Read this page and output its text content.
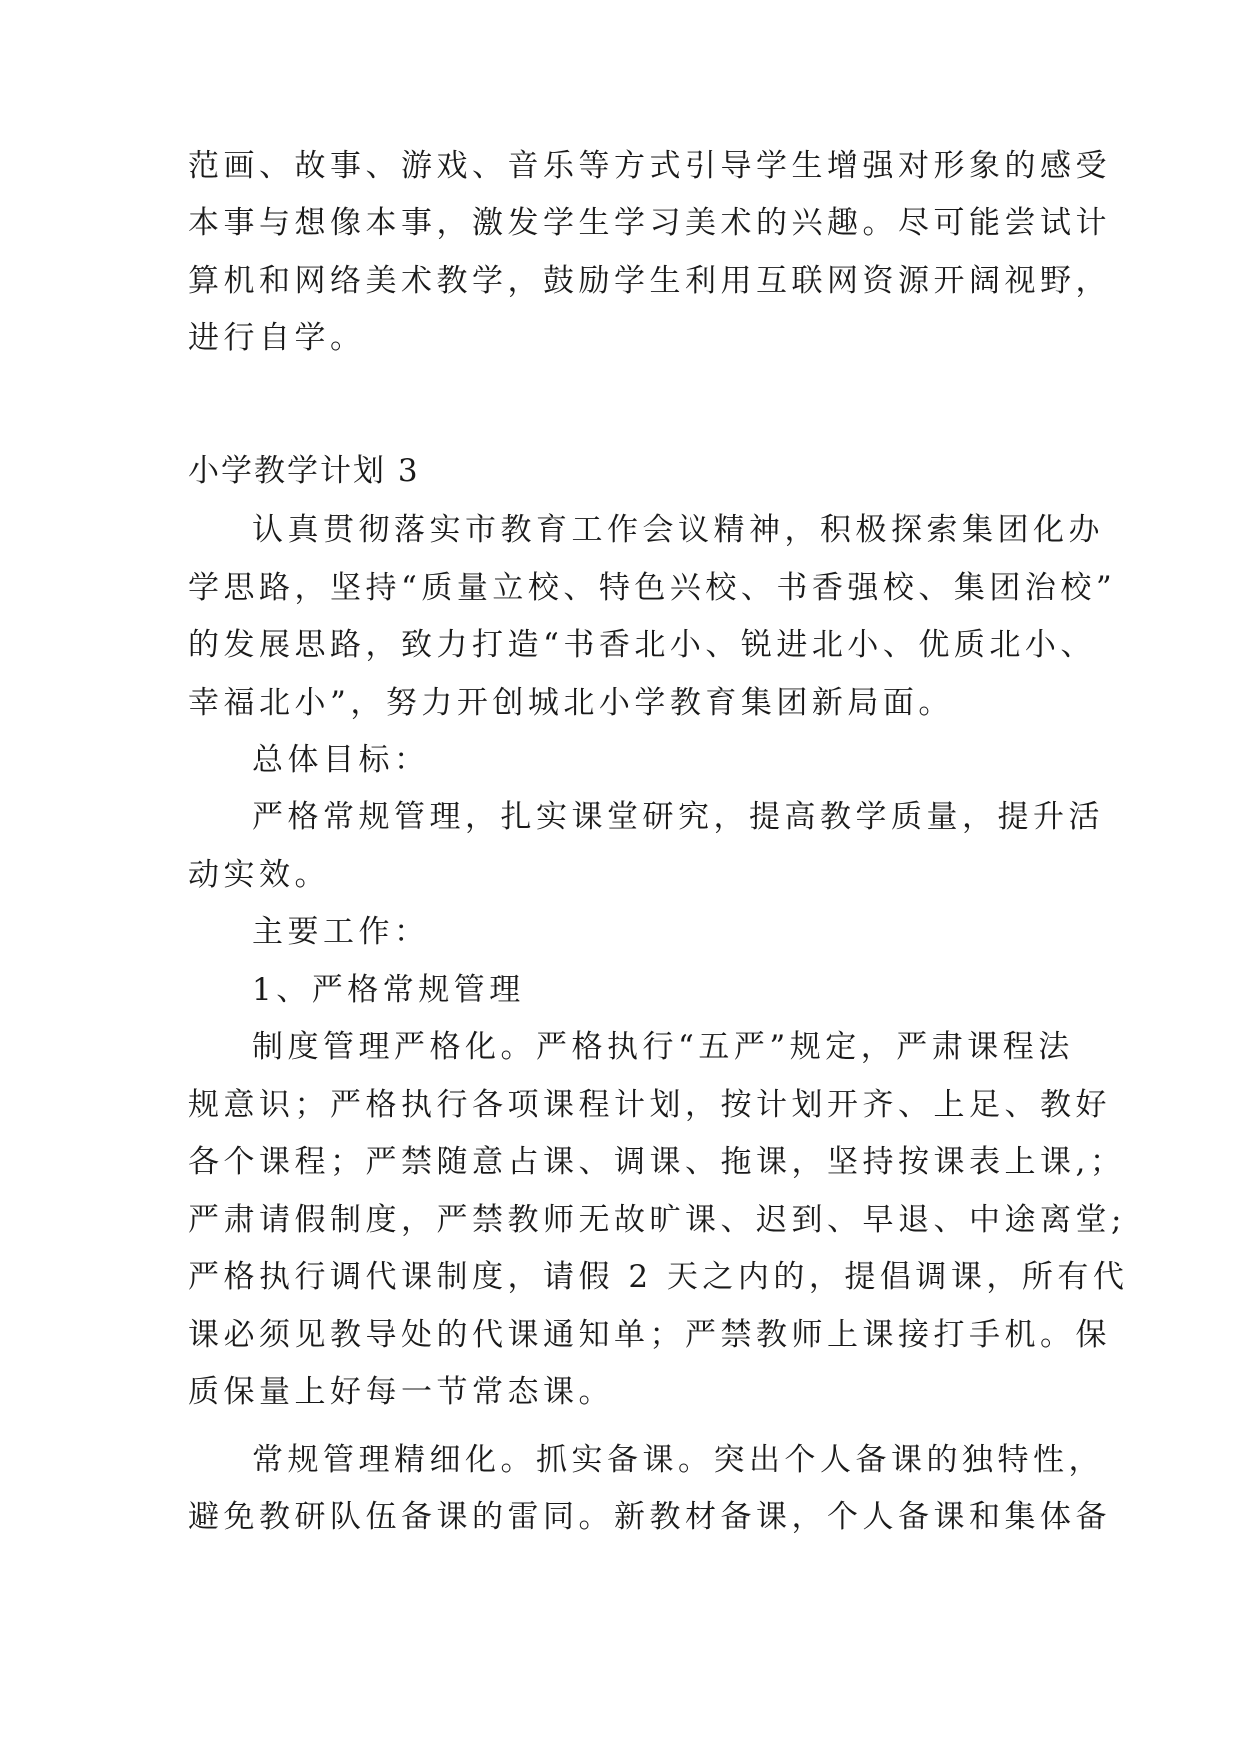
范画、故事、游戏、音乐等方式引导学生增强对形象的感受
本事与想像本事，激发学生学习美术的兴趣。尽可能尝试计
算机和网络美术教学，鼓励学生利用互联网资源开阔视野，
进行自学。
小学教学计划 3
认真贯彻落实市教育工作会议精神，积极探索集团化办
学思路，坚持“质量立校、特色兴校、书香强校、集团治校”
的发展思路，致力打造“书香北小、锐进北小、优质北小、
幸福北小”，努力开创城北小学教育集团新局面。
总体目标：
严格常规管理，扎实课堂研究，提高教学质量，提升活
动实效。
主要工作：
1、严格常规管理
制度管理严格化。严格执行“五严”规定，严肃课程法
规意识；严格执行各项课程计划，按计划开齐、上足、教好
各个课程；严禁随意占课、调课、拖课，坚持按课表上课,；
严肃请假制度，严禁教师无故旷课、迟到、早退、中途离堂;
严格执行调代课制度，请假 2 天之内的，提倡调课，所有代
课必须见教导处的代课通知单；严禁教师上课接打手机。保
质保量上好每一节常态课。
常规管理精细化。抓实备课。突出个人备课的独特性，
避免教研队伍备课的雷同。新教材备课，个人备课和集体备
